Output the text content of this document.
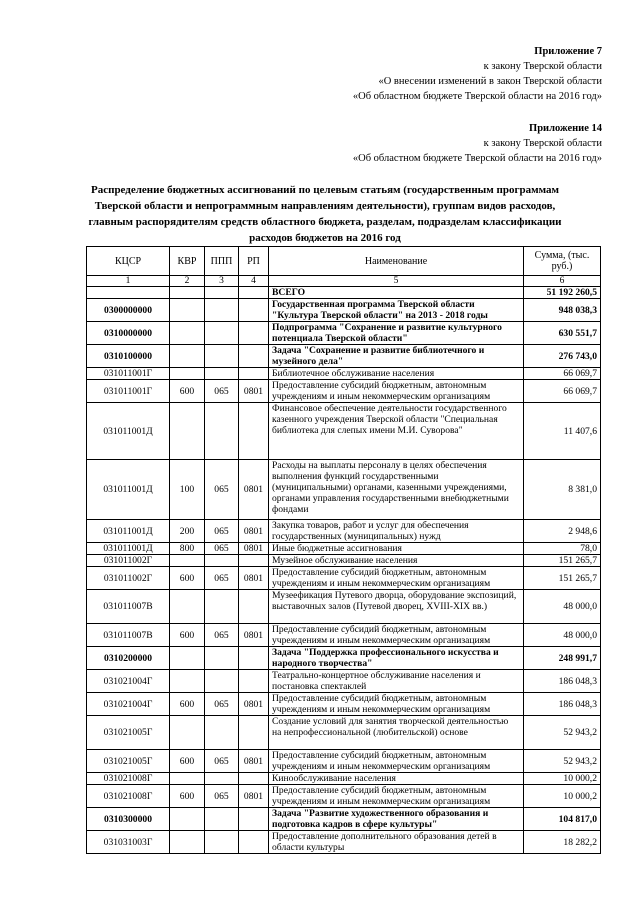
Приложение 7
к закону Тверской области
«О внесении изменений в закон Тверской области
«Об областном бюджете Тверской области на 2016 год»
Приложение 14
к закону Тверской области
«Об областном бюджете Тверской области на 2016 год»
Распределение бюджетных ассигнований по целевым статьям (государственным программам Тверской области и непрограммным направлениям деятельности), группам видов расходов, главным распорядителям средств областного бюджета, разделам, подразделам классификации расходов бюджетов на 2016 год
КЦСР	КВР	ППП	РП	Наименование	Сумма, (тыс. руб.)
1	2	3	4	5	6
				ВСЕГО	51 192 260,5
0300000000				Государственная программа Тверской области "Культура Тверской области" на 2013 - 2018 годы	948 038,3
0310000000				Подпрограмма "Сохранение и развитие культурного потенциала Тверской области"	630 551,7
0310100000				Задача "Сохранение и развитие библиотечного и музейного дела"	276 743,0
031011001Г				Библиотечное обслуживание населения	66 069,7
031011001Г	600	065	0801	Предоставление субсидий бюджетным, автономным учреждениям и иным некоммерческим организациям	66 069,7
031011001Д				Финансовое обеспечение деятельности государственного казенного учреждения Тверской области "Специальная библиотека для слепых имени М.И. Суворова"	11 407,6
031011001Д	100	065	0801	Расходы на выплаты персоналу в целях обеспечения выполнения функций государственными (муниципальными) органами, казенными учреждениями, органами управления государственными внебюджетными фондами	8 381,0
031011001Д	200	065	0801	Закупка товаров, работ и услуг для обеспечения государственных (муниципальных) нужд	2 948,6
031011001Д	800	065	0801	Иные бюджетные ассигнования	78,0
031011002Г				Музейное обслуживание населения	151 265,7
031011002Г	600	065	0801	Предоставление субсидий бюджетным, автономным учреждениям и иным некоммерческим организациям	151 265,7
031011007В				Музеефикация Путевого дворца, оборудование экспозиций, выставочных залов (Путевой дворец, XVIII-XIX вв.)	48 000,0
031011007В	600	065	0801	Предоставление субсидий бюджетным, автономным учреждениям и иным некоммерческим организациям	48 000,0
0310200000				Задача "Поддержка профессионального искусства и народного творчества"	248 991,7
031021004Г				Театрально-концертное обслуживание населения и постановка спектаклей	186 048,3
031021004Г	600	065	0801	Предоставление субсидий бюджетным, автономным учреждениям и иным некоммерческим организациям	186 048,3
031021005Г				Создание условий для занятия творческой деятельностью на непрофессиональной (любительской) основе	52 943,2
031021005Г	600	065	0801	Предоставление субсидий бюджетным, автономным учреждениям и иным некоммерческим организациям	52 943,2
031021008Г				Кинообслуживание населения	10 000,2
031021008Г	600	065	0801	Предоставление субсидий бюджетным, автономным учреждениям и иным некоммерческим организациям	10 000,2
0310300000				Задача "Развитие художественного образования и подготовка кадров в сфере культуры"	104 817,0
031031003Г				Предоставление дополнительного образования детей в области культуры	18 282,2
